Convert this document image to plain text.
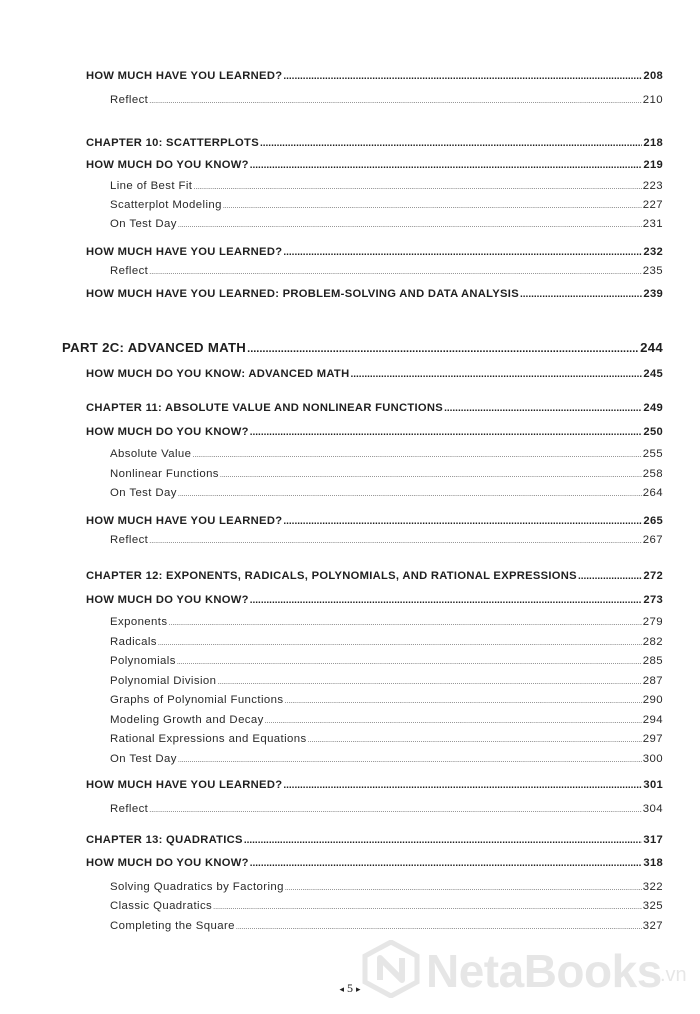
HOW MUCH HAVE YOU LEARNED? .....	208
Reflect .....	210
CHAPTER 10: SCATTERPLOTS .....	218
HOW MUCH DO YOU KNOW? .....	219
Line of Best Fit .....	223
Scatterplot Modeling .....	227
On Test Day .....	231
HOW MUCH HAVE YOU LEARNED? .....	232
Reflect .....	235
HOW MUCH HAVE YOU LEARNED: PROBLEM-SOLVING AND DATA ANALYSIS .....	239
PART 2C: ADVANCED MATH .....	244
HOW MUCH DO YOU KNOW: ADVANCED MATH .....	245
CHAPTER 11: ABSOLUTE VALUE AND NONLINEAR FUNCTIONS .....	249
HOW MUCH DO YOU KNOW? .....	250
Absolute Value .....	255
Nonlinear Functions .....	258
On Test Day .....	264
HOW MUCH HAVE YOU LEARNED? .....	265
Reflect .....	267
CHAPTER 12: EXPONENTS, RADICALS, POLYNOMIALS, AND RATIONAL EXPRESSIONS .....	272
HOW MUCH DO YOU KNOW? .....	273
Exponents .....	279
Radicals .....	282
Polynomials .....	285
Polynomial Division .....	287
Graphs of Polynomial Functions .....	290
Modeling Growth and Decay .....	294
Rational Expressions and Equations .....	297
On Test Day .....	300
HOW MUCH HAVE YOU LEARNED? .....	301
Reflect .....	304
CHAPTER 13: QUADRATICS .....	317
HOW MUCH DO YOU KNOW? .....	318
Solving Quadratics by Factoring .....	322
Classic Quadratics .....	325
Completing the Square .....	327
NetaBooks
.vn
◂ 5 ▸
